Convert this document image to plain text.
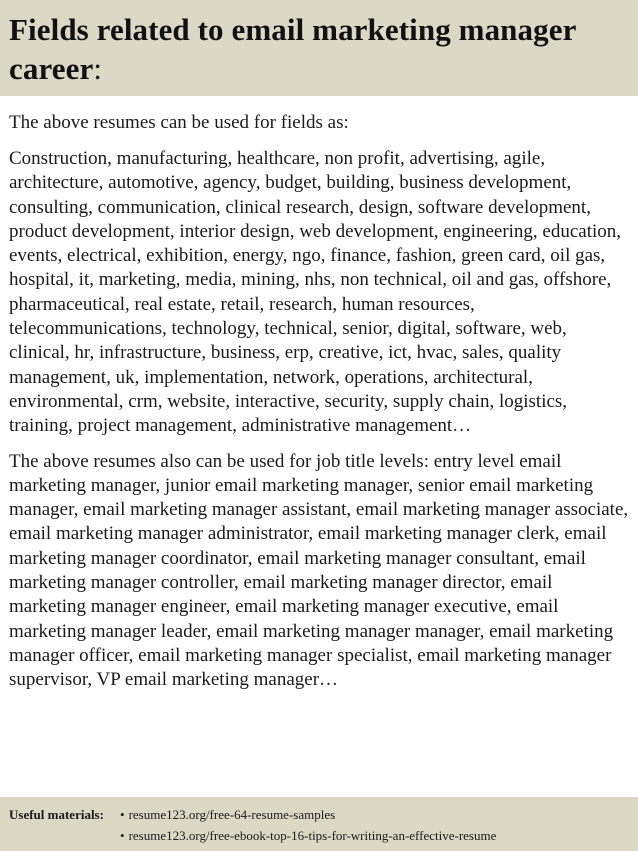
Fields related to email marketing manager career:

The above resumes can be used for fields as:

Construction, manufacturing, healthcare, non profit, advertising, agile, architecture, automotive, agency, budget, building, business development, consulting, communication, clinical research, design, software development, product development, interior design, web development, engineering, education, events, electrical, exhibition, energy, ngo, finance, fashion, green card, oil gas, hospital, it, marketing, media, mining, nhs, non technical, oil and gas, offshore, pharmaceutical, real estate, retail, research, human resources, telecommunications, technology, technical, senior, digital, software, web, clinical, hr, infrastructure, business, erp, creative, ict, hvac, sales, quality management, uk, implementation, network, operations, architectural, environmental, crm, website, interactive, security, supply chain, logistics, training, project management, administrative management…

The above resumes also can be used for job title levels: entry level email marketing manager, junior email marketing manager, senior email marketing manager, email marketing manager assistant, email marketing manager associate, email marketing manager administrator, email marketing manager clerk, email marketing manager coordinator, email marketing manager consultant, email marketing manager controller, email marketing manager director, email marketing manager engineer, email marketing manager executive, email marketing manager leader, email marketing manager manager, email marketing manager officer, email marketing manager specialist, email marketing manager supervisor, VP email marketing manager…

Useful materials:	• resume123.org/free-64-resume-samples
• resume123.org/free-ebook-top-16-tips-for-writing-an-effective-resume
